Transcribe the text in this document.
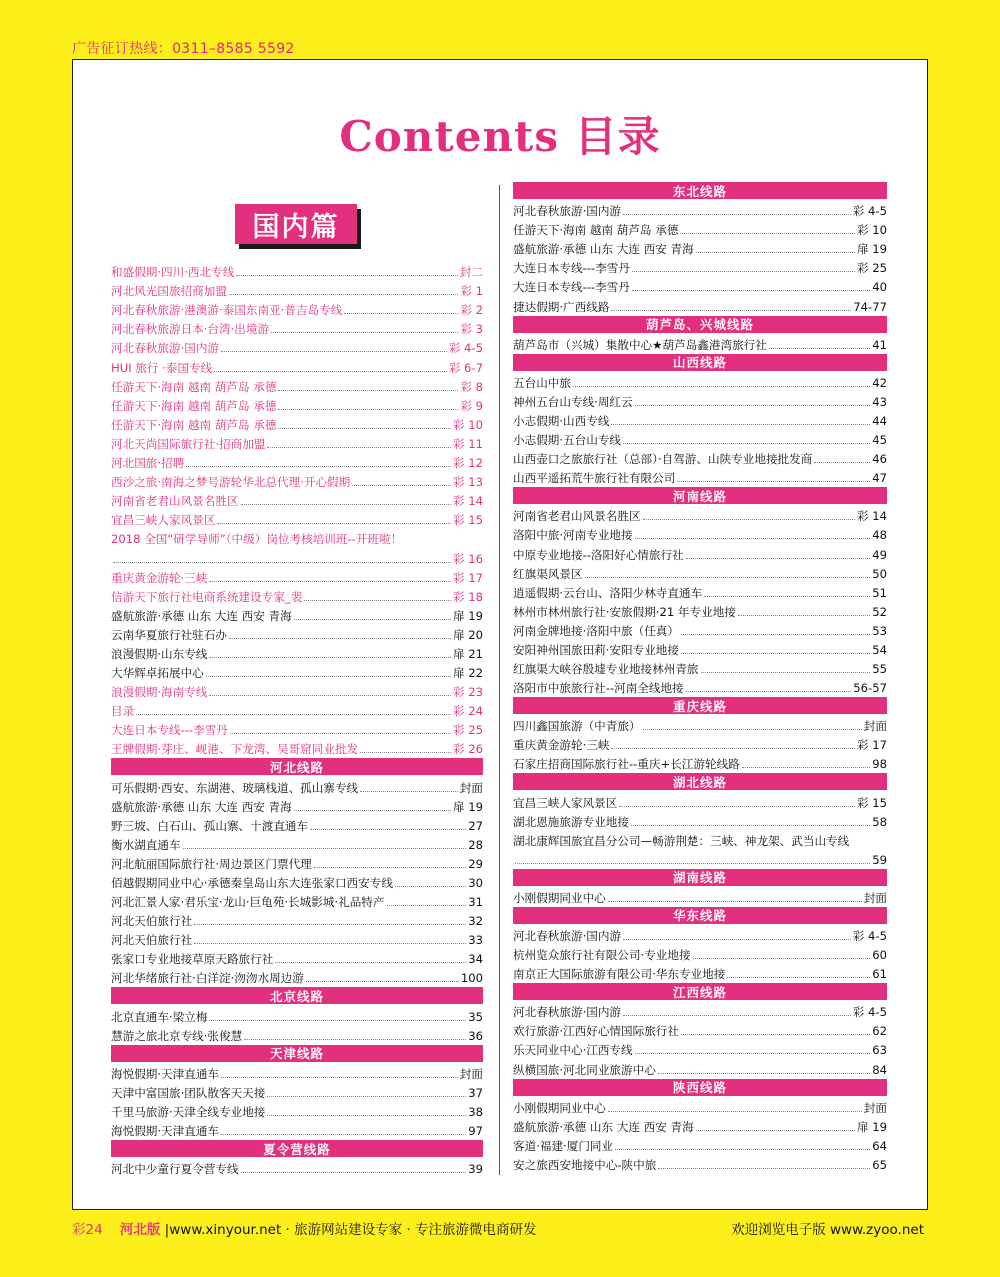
广告征订热线：0311–8585 5592
Contents 目录
国内篇
和盛假期·四川·西北专线	封二
河北风光国旅招商加盟	彩 1
河北春秋旅游·港澳游·泰国东南亚·普吉岛专线	彩 2
河北春秋旅游日本·台湾·出境游	彩 3
河北春秋旅游·国内游	彩 4-5
HUI 旅行 ·泰国专线	彩 6-7
任游天下·海南 越南 葫芦岛 承德	彩 8
任游天下·海南 越南 葫芦岛 承德	彩 9
任游天下·海南 越南 葫芦岛 承德	彩 10
河北天尚国际旅行社·招商加盟	彩 11
河北国旅·招聘	彩 12
西沙之旅·南海之梦号游轮华北总代理·开心假期	彩 13
河南省老君山风景名胜区	彩 14
宜昌三峡人家风景区	彩 15
2018 全国“研学导师”（中级）岗位考核培训班--开班啦！
彩 16
重庆黄金游轮·三峡	彩 17
信游天下旅行社电商系统建设专家_裴	彩 18
盛航旅游·承德 山东 大连 西安 青海	扉 19
云南华夏旅行社驻石办	扉 20
浪漫假期·山东专线	扉 21
大华辉卓拓展中心	扉 22
浪漫假期·海南专线	彩 23
目录	彩 24
大连日本专线---李雪丹	彩 25
王牌假期·芽庄、岘港、下龙湾、吴哥窟同业批发	彩 26
河北线路
可乐假期·西安、东湖港、玻璃栈道、孤山寨专线	封面
盛航旅游·承德 山东 大连 西安 青海	扉 19
野三坡、白石山、孤山寨、十渡直通车	27
衡水湖直通车	28
河北航丽国际旅行社·周边景区门票代理	29
佰越假期同业中心·承德秦皇岛山东大连张家口西安专线	30
河北汇景人家·君乐宝·龙山·巨龟苑·长城影城·礼品特产	31
河北天伯旅行社	32
河北天伯旅行社	33
张家口专业地接草原天路旅行社	34
河北华绪旅行社·白洋淀·沕沕水周边游	100
北京线路
北京直通车·梁立梅	35
慧游之旅北京专线·张俊慧	36
天津线路
海悦假期·天津直通车	封面
天津中富国旅·团队散客天天接	37
千里马旅游·天津全线专业地接	38
海悦假期·天津直通车	97
夏令营线路
河北中少童行夏令营专线	39
东北线路
河北春秋旅游·国内游	彩 4-5
任游天下·海南 越南 葫芦岛 承德	彩 10
盛航旅游·承德 山东 大连 西安 青海	扉 19
大连日本专线---李雪丹	彩 25
大连日本专线---李雪丹	40
捷达假期·广西线路	74-77
葫芦岛、兴城线路
葫芦岛市（兴城）集散中心★葫芦岛鑫港湾旅行社	41
山西线路
五台山中旅	42
神州五台山专线·周红云	43
小志假期·山西专线	44
小志假期·五台山专线	45
山西壶口之旅旅行社（总部）·自驾游、山陕专业地接批发商	46
山西平遥拓荒牛旅行社有限公司	47
河南线路
河南省老君山风景名胜区	彩 14
洛阳中旅·河南专业地接	48
中原专业地接--洛阳好心情旅行社	49
红旗渠风景区	50
逍遥假期·云台山、洛阳少林寺直通车	51
林州市林州旅行社·安旅假期·21 年专业地接	52
河南金牌地接·洛阳中旅（任真）	53
安阳神州国旅田莉·安阳专业地接	54
红旗渠大峡谷殷墟专业地接林州青旅	55
洛阳市中旅旅行社--河南全线地接	56-57
重庆线路
四川鑫国旅游（中青旅）	封面
重庆黄金游轮·三峡	彩 17
石家庄招商国际旅行社--重庆+长江游轮线路	98
湖北线路
宜昌三峡人家风景区	彩 15
湖北恩施旅游专业地接	58
湖北康辉国旅宜昌分公司—畅游荆楚：三峡、神龙架、武当山专线
59
湖南线路
小刚假期同业中心	封面
华东线路
河北春秋旅游·国内游	彩 4-5
杭州览众旅行社有限公司·专业地接	60
南京正大国际旅游有限公司·华东专业地接	61
江西线路
河北春秋旅游·国内游	彩 4-5
欢行旅游·江西好心情国际旅行社	62
乐天同业中心·江西专线	63
纵横国旅·河北同业旅游中心	84
陕西线路
小刚假期同业中心	封面
盛航旅游·承德 山东 大连 西安 青海	扉 19
客道·福建·厦门同业	64
安之旅西安地接中心-陕中旅	65
彩24 河北版 |www.xinyour.net · 旅游网站建设专家 · 专注旅游微电商研发	欢迎浏览电子版 www.zyoo.net
